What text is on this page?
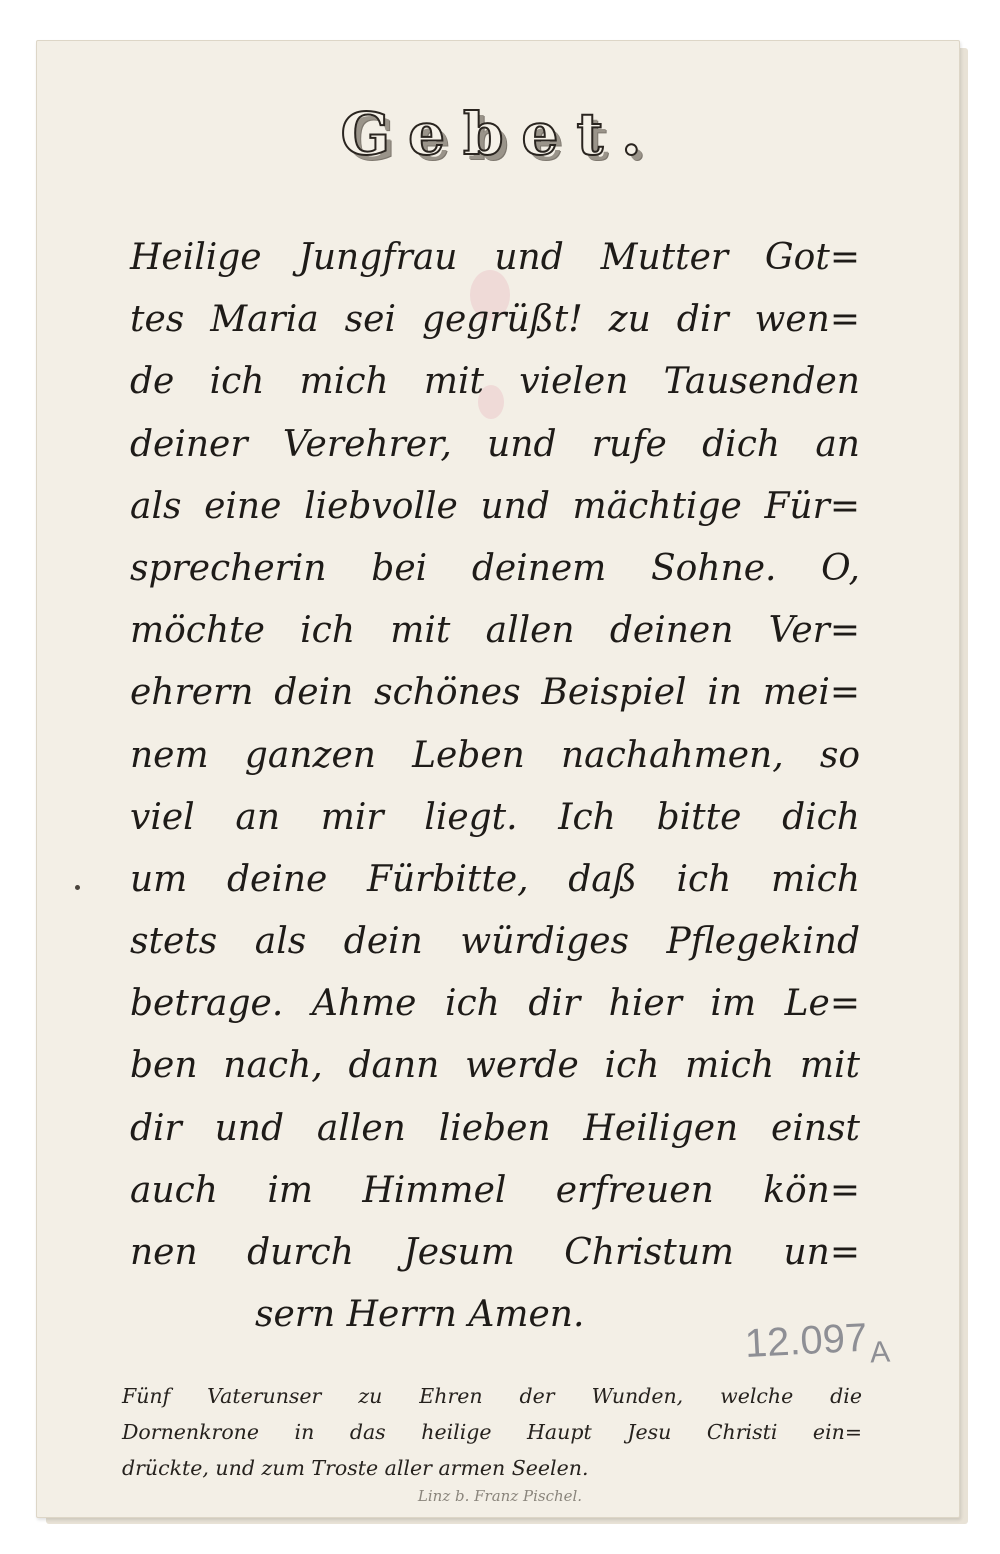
Gebet.
Heilige Jungfrau und Mutter Got=
tes Maria sei gegrüßt! zu dir wen=
de ich mich mit vielen Tausenden
deiner Verehrer, und rufe dich an
als eine liebvolle und mächtige Für=
sprecherin bei deinem Sohne. O,
möchte ich mit allen deinen Ver=
ehrern dein schönes Beispiel in mei=
nem ganzen Leben nachahmen, so
viel an mir liegt. Ich bitte dich
um deine Fürbitte, daß ich mich
stets als dein würdiges Pflegekind
betrage. Ahme ich dir hier im Le=
ben nach, dann werde ich mich mit
dir und allen lieben Heiligen einst
auch im Himmel erfreuen kön=
nen durch Jesum Christum un=
sern Herrn Amen.
Fünf Vaterunser zu Ehren der Wunden, welche die
Dornenkrone in das heilige Haupt Jesu Christi ein=
drückte, und zum Troste aller armen Seelen.
Linz b. Franz Pischel.
$12.097_A$
